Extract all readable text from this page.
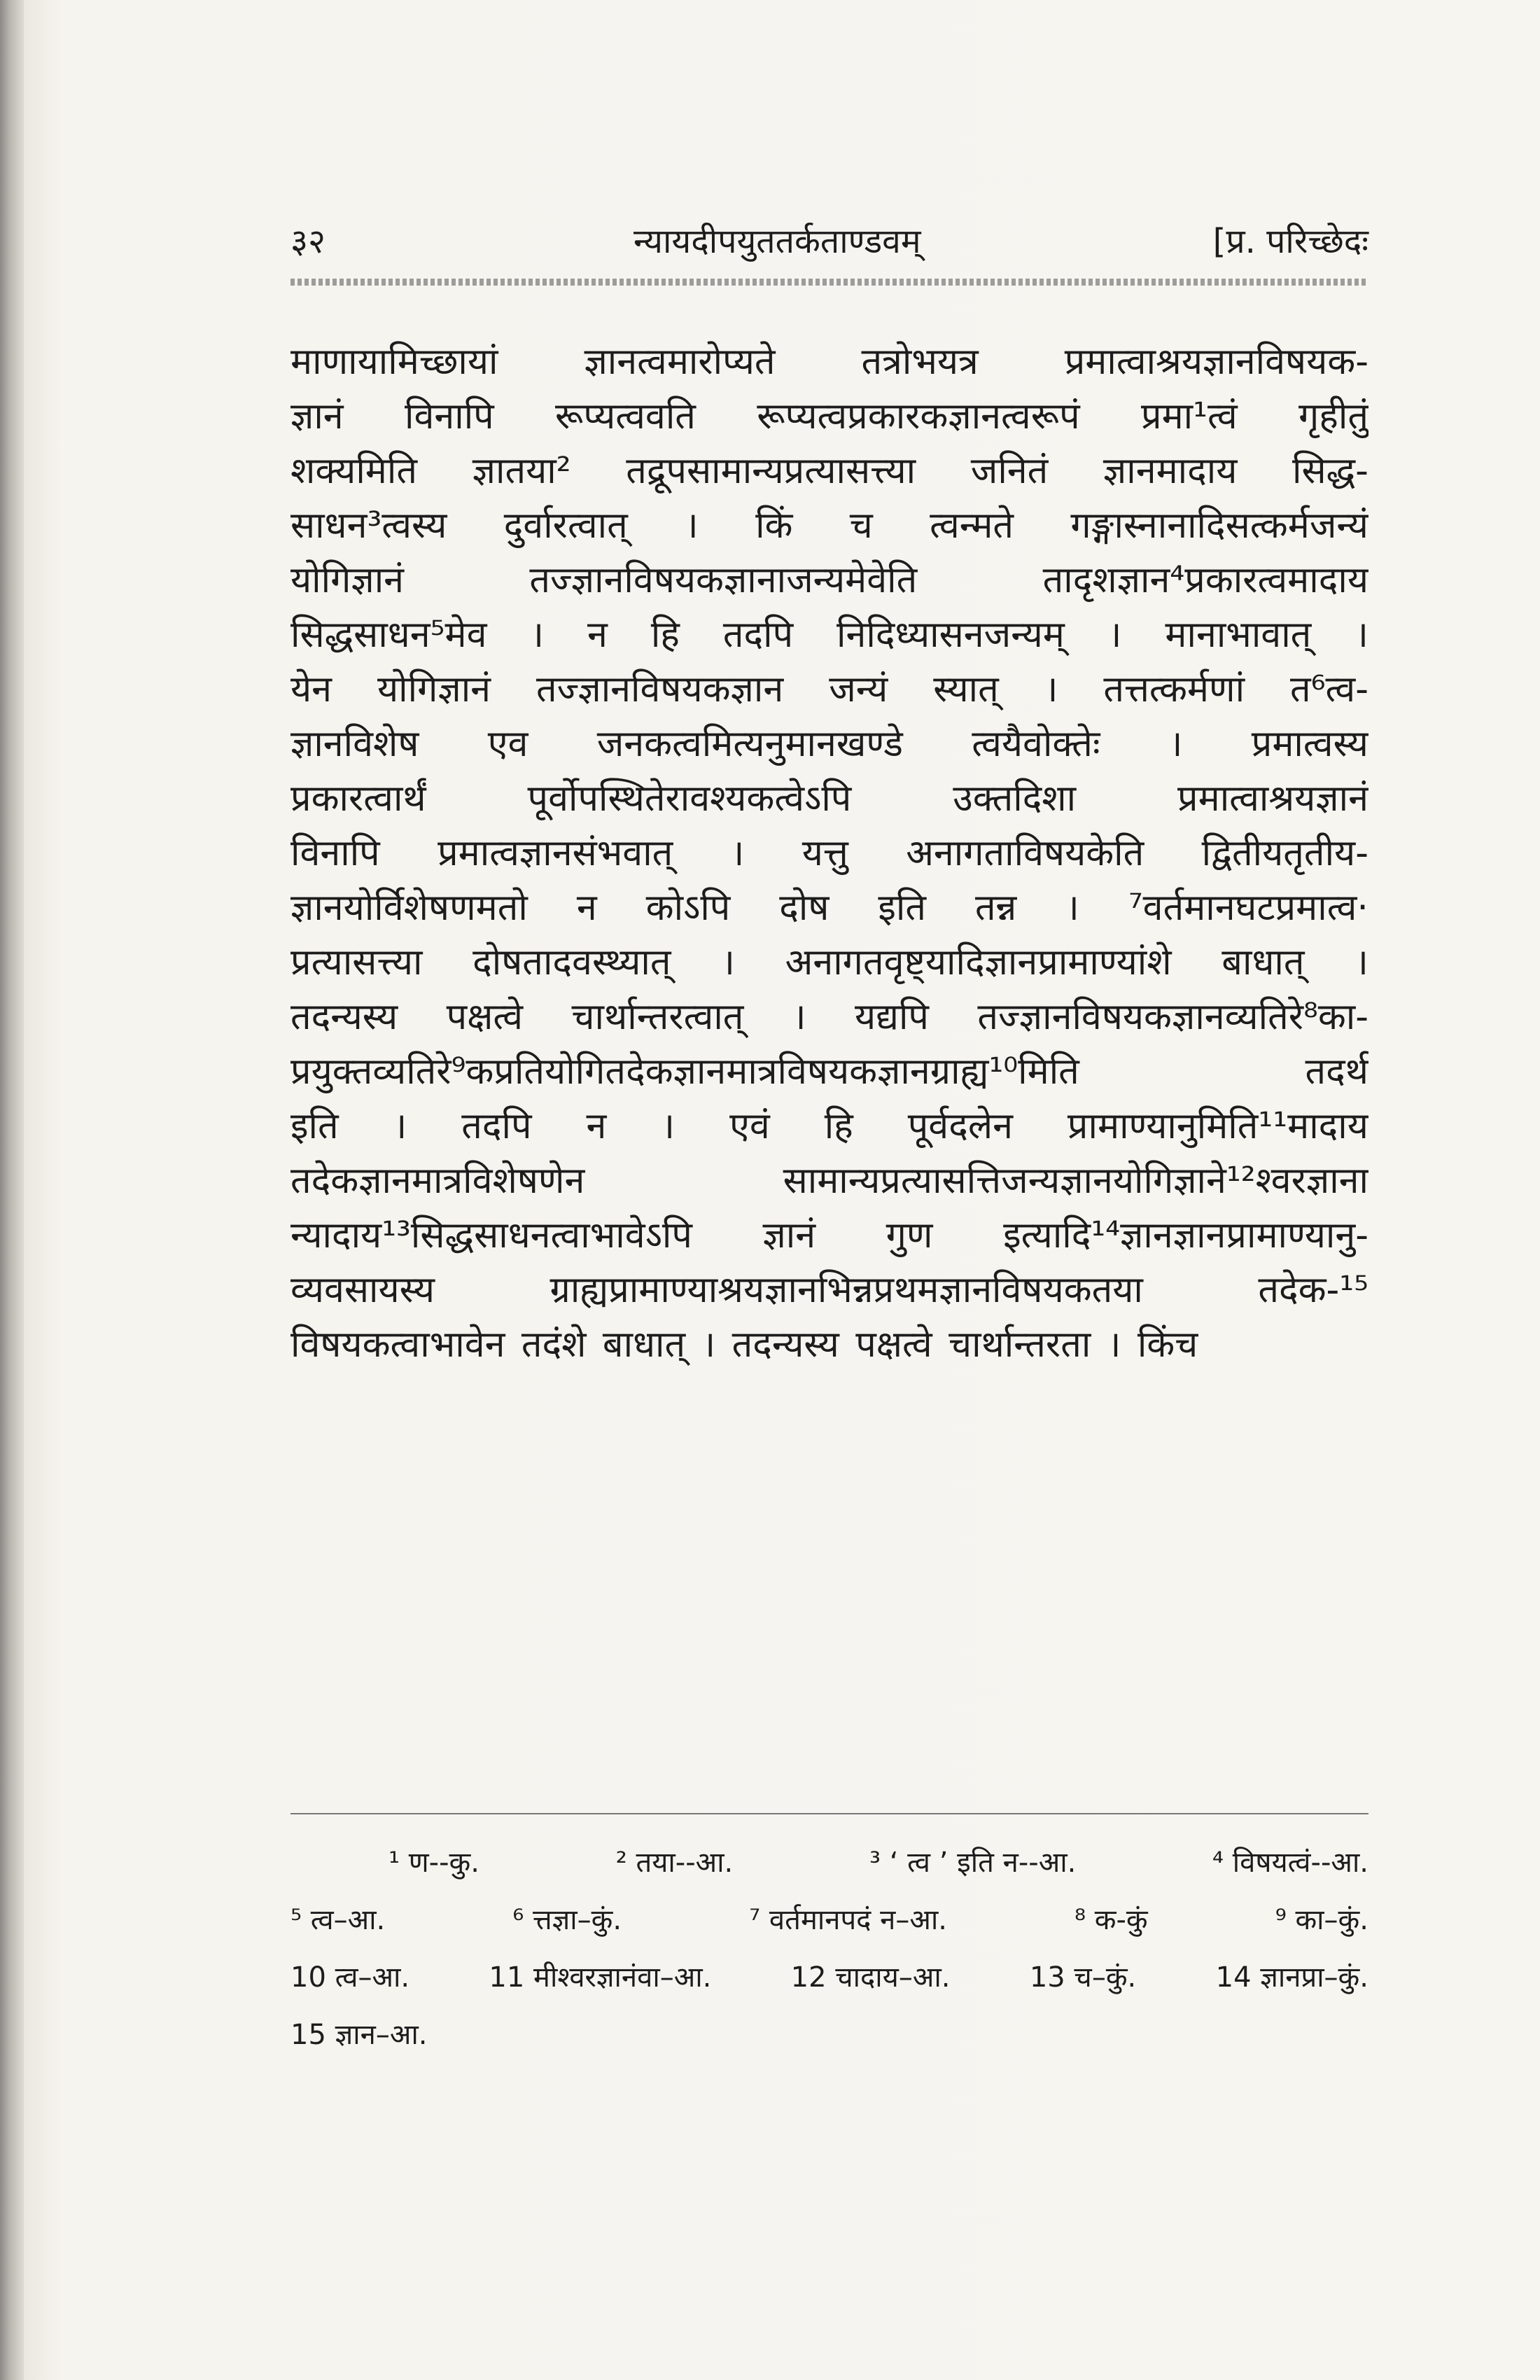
३२	न्यायदीपयुततर्कताण्डवम्	[प्र. परिच्छेदः
माणायामिच्छायां ज्ञानत्वमारोप्यते तत्रोभयत्र प्रमात्वाश्रयज्ञानविषयक-
ज्ञानं विनापि रूप्यत्ववति रूप्यत्वप्रकारकज्ञानत्वरूपं प्रमा¹त्वं गृहीतुं
शक्यमिति ज्ञातया² तद्रूपसामान्यप्रत्यासत्त्या जनितं ज्ञानमादाय सिद्ध-
साधन³त्वस्य दुर्वारत्वात् । किं च त्वन्मते गङ्गास्नानादिसत्कर्मजन्यं
योगिज्ञानं	तज्ज्ञानविषयकज्ञानाजन्यमेवेति	तादृशज्ञान⁴प्रकारत्वमादाय
सिद्धसाधन⁵मेव । न हि तदपि निदिध्यासनजन्यम् । मानाभावात् ।
येन योगिज्ञानं तज्ज्ञानविषयकज्ञान जन्यं स्यात् । तत्तत्कर्मणां त⁶त्व-
ज्ञानविशेष एव जनकत्वमित्यनुमानखण्डे त्वयैवोक्तेः । प्रमात्वस्य
प्रकारत्वार्थं	पूर्वोपस्थितेरावश्यकत्वेऽपि	उक्तदिशा	प्रमात्वाश्रयज्ञानं
विनापि प्रमात्वज्ञानसंभवात् । यत्तु अनागताविषयकेति द्वितीयतृतीय-
ज्ञानयोर्विशेषणमतो न कोऽपि दोष इति तन्न । ⁷वर्तमानघटप्रमात्व·
प्रत्यासत्त्या दोषतादवस्थ्यात् । अनागतवृष्ट्यादिज्ञानप्रामाण्यांशे बाधात् ।
तदन्यस्य पक्षत्वे चार्थान्तरत्वात् । यद्यपि तज्ज्ञानविषयकज्ञानव्यतिरे⁸का-
प्रयुक्तव्यतिरे⁹कप्रतियोगितदेकज्ञानमात्रविषयकज्ञानग्राह्य¹⁰मिति	तदर्थ
इति । तदपि न । एवं हि पूर्वदलेन प्रामाण्यानुमिति¹¹मादाय
तदेकज्ञानमात्रविशेषणेन	सामान्यप्रत्यासत्तिजन्यज्ञानयोगिज्ञाने¹²श्वरज्ञाना
न्यादाय¹³सिद्धसाधनत्वाभावेऽपि ज्ञानं गुण इत्यादि¹⁴ज्ञानज्ञानप्रामाण्यानु-
व्यवसायस्य	ग्राह्यप्रामाण्याश्रयज्ञानभिन्नप्रथमज्ञानविषयकतया	तदेक-¹⁵
विषयकत्वाभावेन तदंशे बाधात् । तदन्यस्य पक्षत्वे चार्थान्तरता । किंच
¹ ण--कु.	² तया--आ.	³ ‘ त्व ’ इति न--आ.	⁴ विषयत्वं--आ.
⁵ त्व–आ.	⁶ त्तज्ञा–कुं.	⁷ वर्तमानपदं न–आ.	⁸ क-कुं	⁹ का–कुं.
10 त्व–आ.	11 मीश्वरज्ञानंवा–आ.	12 चादाय–आ.	13 च–कुं.	14 ज्ञानप्रा–कुं.
15 ज्ञान–आ.
